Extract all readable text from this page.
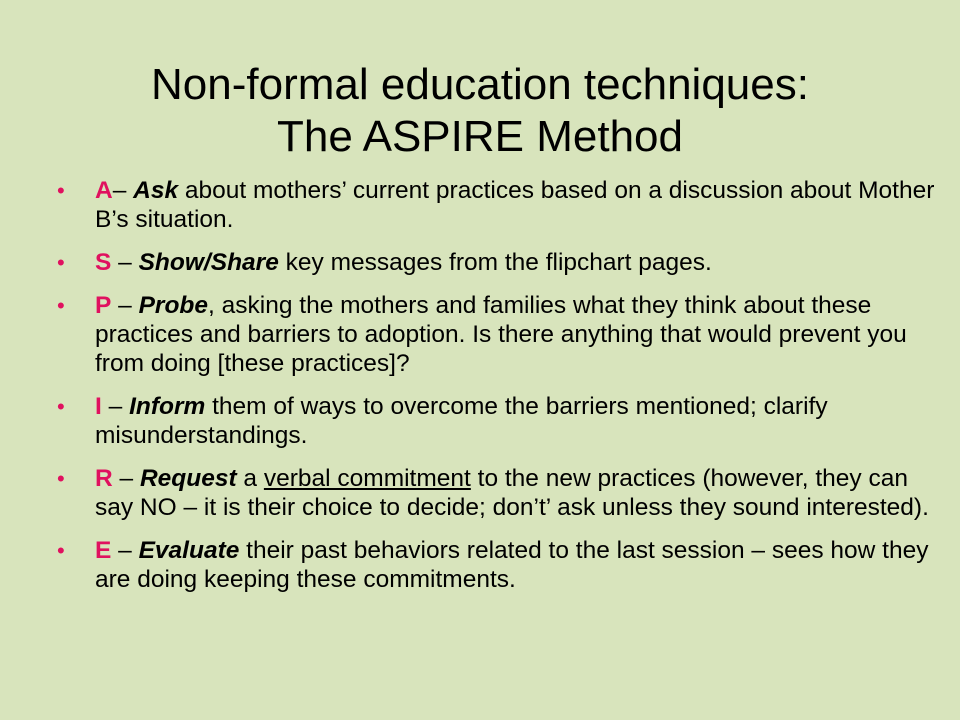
Non-formal education techniques:
The ASPIRE Method
• A– Ask about mothers’ current practices based on a discussion about Mother B’s situation.
• S – Show/Share key messages from the flipchart pages.
• P – Probe, asking the mothers and families what they think about these practices and barriers to adoption. Is there anything that would prevent you from doing [these practices]?
• I – Inform them of ways to overcome the barriers mentioned; clarify misunderstandings.
• R – Request a verbal commitment to the new practices (however, they can say NO – it is their choice to decide; don’t’ ask unless they sound interested).
• E – Evaluate their past behaviors related to the last session – sees how they are doing keeping these commitments.
